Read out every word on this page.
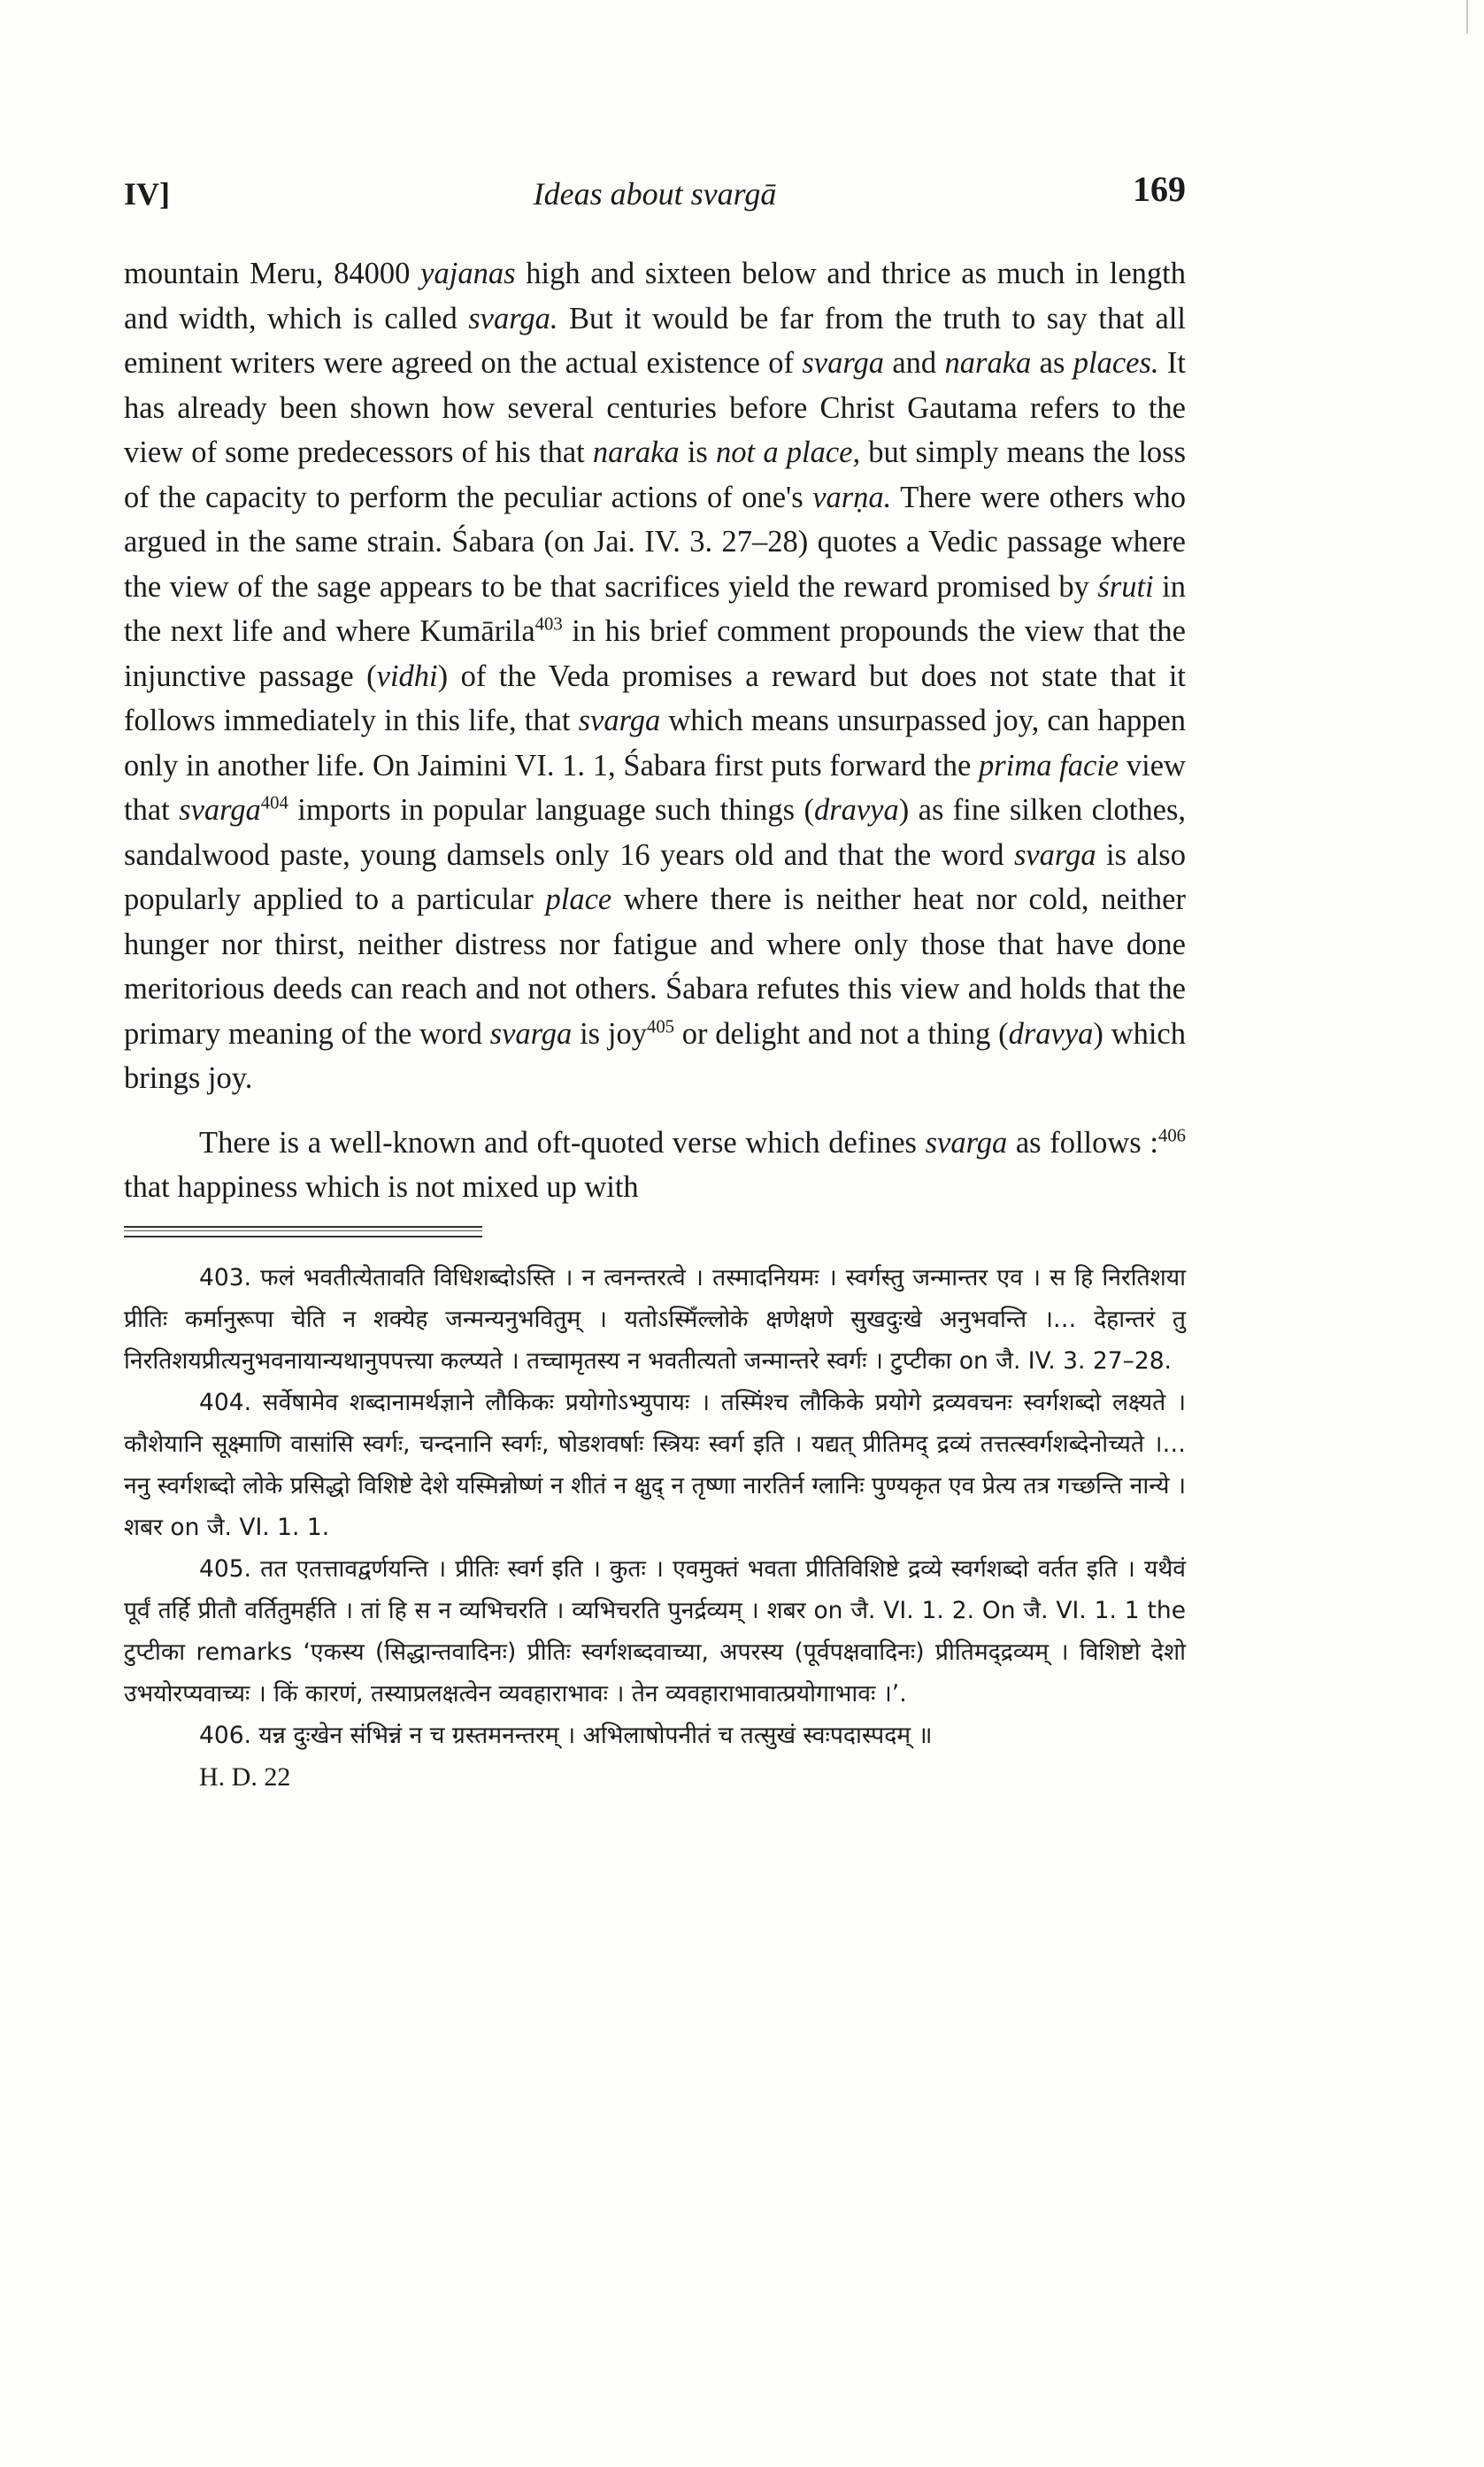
IV]	Ideas about svargā	169

mountain Meru, 84000 yajanas high and sixteen below and thrice as much in length and width, which is called svarga. But it would be far from the truth to say that all eminent writers were agreed on the actual existence of svarga and naraka as places. It has already been shown how several centuries before Christ Gautama refers to the view of some predecessors of his that naraka is not a place, but simply means the loss of the capacity to perform the peculiar actions of one's varṇa. There were others who argued in the same strain. Śabara (on Jai. IV. 3. 27–28) quotes a Vedic passage where the view of the sage appears to be that sacrifices yield the reward promised by śruti in the next life and where Kumārila$^{403}$ in his brief comment propounds the view that the injunctive passage (vidhi) of the Veda promises a reward but does not state that it follows immediately in this life, that svarga which means unsurpassed joy, can happen only in another life. On Jaimini VI. 1. 1, Śabara first puts forward the prima facie view that svarga$^{404}$ imports in popular language such things (dravya) as fine silken clothes, sandalwood paste, young damsels only 16 years old and that the word svarga is also popularly applied to a particular place where there is neither heat nor cold, neither hunger nor thirst, neither distress nor fatigue and where only those that have done meritorious deeds can reach and not others. Śabara refutes this view and holds that the primary meaning of the word svarga is joy$^{405}$ or delight and not a thing (dravya) which brings joy.

There is a well-known and oft-quoted verse which defines svarga as follows :$^{406}$ that happiness which is not mixed up with

403. फलं भवतीत्येतावति विधिशब्दोऽस्ति । न त्वनन्तरत्वे । तस्मादनियमः । स्वर्गस्तु जन्मान्तर एव । स हि निरतिशया प्रीतिः कर्मानुरूपा चेति न शक्येह जन्मन्यनुभवितुम् । यतोऽस्मिँल्लोके क्षणेक्षणे सुखदुःखे अनुभवन्ति ।… देहान्तरं तु निरतिशयप्रीत्यनुभवनायान्यथानुपपत्त्या कल्प्यते । तच्चामृतस्य न भवतीत्यतो जन्मान्तरे स्वर्गः । टुप्टीका on जै. IV. 3. 27–28.

404. सर्वेषामेव शब्दानामर्थज्ञाने लौकिकः प्रयोगोऽभ्युपायः । तस्मिंश्च लौकिके प्रयोगे द्रव्यवचनः स्वर्गशब्दो लक्ष्यते । कौशेयानि सूक्ष्माणि वासांसि स्वर्गः, चन्दनानि स्वर्गः, षोडशवर्षाः स्त्रियः स्वर्ग इति । यद्यत् प्रीतिमद् द्रव्यं तत्तत्स्वर्गशब्देनोच्यते ।… ननु स्वर्गशब्दो लोके प्रसिद्धो विशिष्टे देशे यस्मिन्नोष्णं न शीतं न क्षुद् न तृष्णा नारतिर्न ग्लानिः पुण्यकृत एव प्रेत्य तत्र गच्छन्ति नान्ये । शबर on जै. VI. 1. 1.

405. तत एतत्तावद्वर्णयन्ति । प्रीतिः स्वर्ग इति । कुतः । एवमुक्तं भवता प्रीतिविशिष्टे द्रव्ये स्वर्गशब्दो वर्तत इति । यथैवं पूर्वं तर्हि प्रीतौ वर्तितुमर्हति । तां हि स न व्यभिचरति । व्यभिचरति पुनर्द्रव्यम् । शबर on जै. VI. 1. 2. On जै. VI. 1. 1 the टुप्टीका remarks ‘एकस्य (सिद्धान्तवादिनः) प्रीतिः स्वर्गशब्दवाच्या, अपरस्य (पूर्वपक्षवादिनः) प्रीतिमद्द्रव्यम् । विशिष्टो देशो उभयोरप्यवाच्यः । किं कारणं, तस्याप्रलक्षत्वेन व्यवहाराभावः । तेन व्यवहाराभावात्प्रयोगाभावः ।’.

406. यन्न दुःखेन संभिन्नं न च ग्रस्तमनन्तरम् । अभिलाषोपनीतं च तत्सुखं स्वःपदास्पदम् ॥

H. D. 22
